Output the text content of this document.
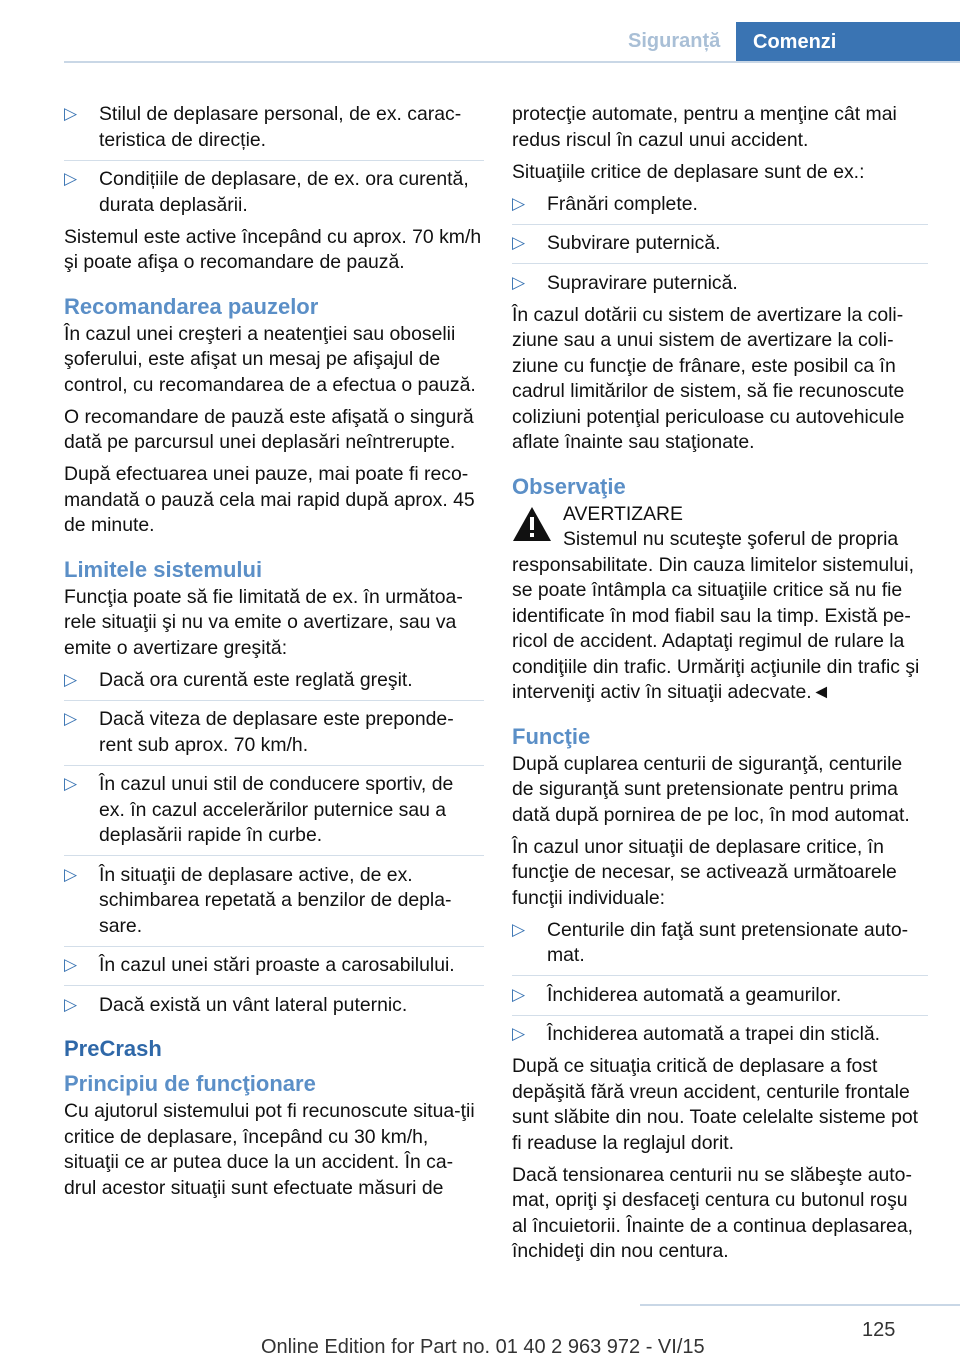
Siguranță	Comenzi
▷ Stilul de deplasare personal, de ex. carac‐teristica de direcție.
▷ Condițiile de deplasare, de ex. ora curentă, durata deplasării.

Sistemul este active începând cu aprox. 70 km/h şi poate afişa o recomandare de pauză.

Recomandarea pauzelor

În cazul unei creşteri a neatenţiei sau oboselii şoferului, este afişat un mesaj pe afişajul de control, cu recomandarea de a efectua o pauză.

O recomandare de pauză este afişată o singură dată pe parcursul unei deplasări neîntrerupte.

După efectuarea unei pauze, mai poate fi reco‐mandată o pauză cela mai rapid după aprox. 45 de minute.

Limitele sistemului

Funcţia poate să fie limitată de ex. în următoa‐rele situaţii şi nu va emite o avertizare, sau va emite o avertizare greşită:

▷ Dacă ora curentă este reglată greşit.
▷ Dacă viteza de deplasare este preponde‐rent sub aprox. 70 km/h.
▷ În cazul unui stil de conducere sportiv, de ex. în cazul accelerărilor puternice sau a deplasării rapide în curbe.
▷ În situaţii de deplasare active, de ex. schimbarea repetată a benzilor de depla‐sare.
▷ În cazul unei stări proaste a carosabilului.
▷ Dacă există un vânt lateral puternic.
PreCrash
Principiu de funcţionare

Cu ajutorul sistemului pot fi recunoscute situa‐ţii critice de deplasare, începând cu 30 km/h, situaţii ce ar putea duce la un accident. În ca‐drul acestor situaţii sunt efectuate măsuri de

protecţie automate, pentru a menţine cât mai redus riscul în cazul unui accident.

Situaţiile critice de deplasare sunt de ex.:

▷ Frânări complete.
▷ Subvirare puternică.
▷ Supravirare puternică.

În cazul dotării cu sistem de avertizare la coli‐ziune sau a unui sistem de avertizare la coli‐ziune cu funcţie de frânare, este posibil ca în cadrul limitărilor de sistem, să fie recunoscute coliziuni potenţial periculoase cu autovehicule aflate înainte sau staţionate.

Observaţie
AVERTIZARE

Sistemul nu scuteşte şoferul de propria responsabilitate. Din cauza limitelor sistemului, se poate întâmpla ca situaţiile critice să nu fie identificate în mod fiabil sau la timp. Există pe‐ricol de accident. Adaptaţi regimul de rulare la condiţiile din trafic. Urmăriţi acţiunile din trafic şi interveniţi activ în situaţii adecvate.◄

Funcţie

După cuplarea centurii de siguranţă, centurile de siguranţă sunt pretensionate pentru prima dată după pornirea de pe loc, în mod automat.

În cazul unor situaţii de deplasare critice, în funcţie de necesar, se activează următoarele funcţii individuale:

▷ Centurile din faţă sunt pretensionate auto‐mat.
▷ Închiderea automată a geamurilor.
▷ Închiderea automată a trapei din sticlă.

După ce situaţia critică de deplasare a fost depăşită fără vreun accident, centurile frontale sunt slăbite din nou. Toate celelalte sisteme pot fi readuse la reglajul dorit.

Dacă tensionarea centurii nu se slăbeşte auto‐mat, opriţi şi desfaceţi centura cu butonul roşu al încuietorii. Înainte de a continua deplasarea, închideţi din nou centura.

125
Online Edition for Part no. 01 40 2 963 972 - VI/15
